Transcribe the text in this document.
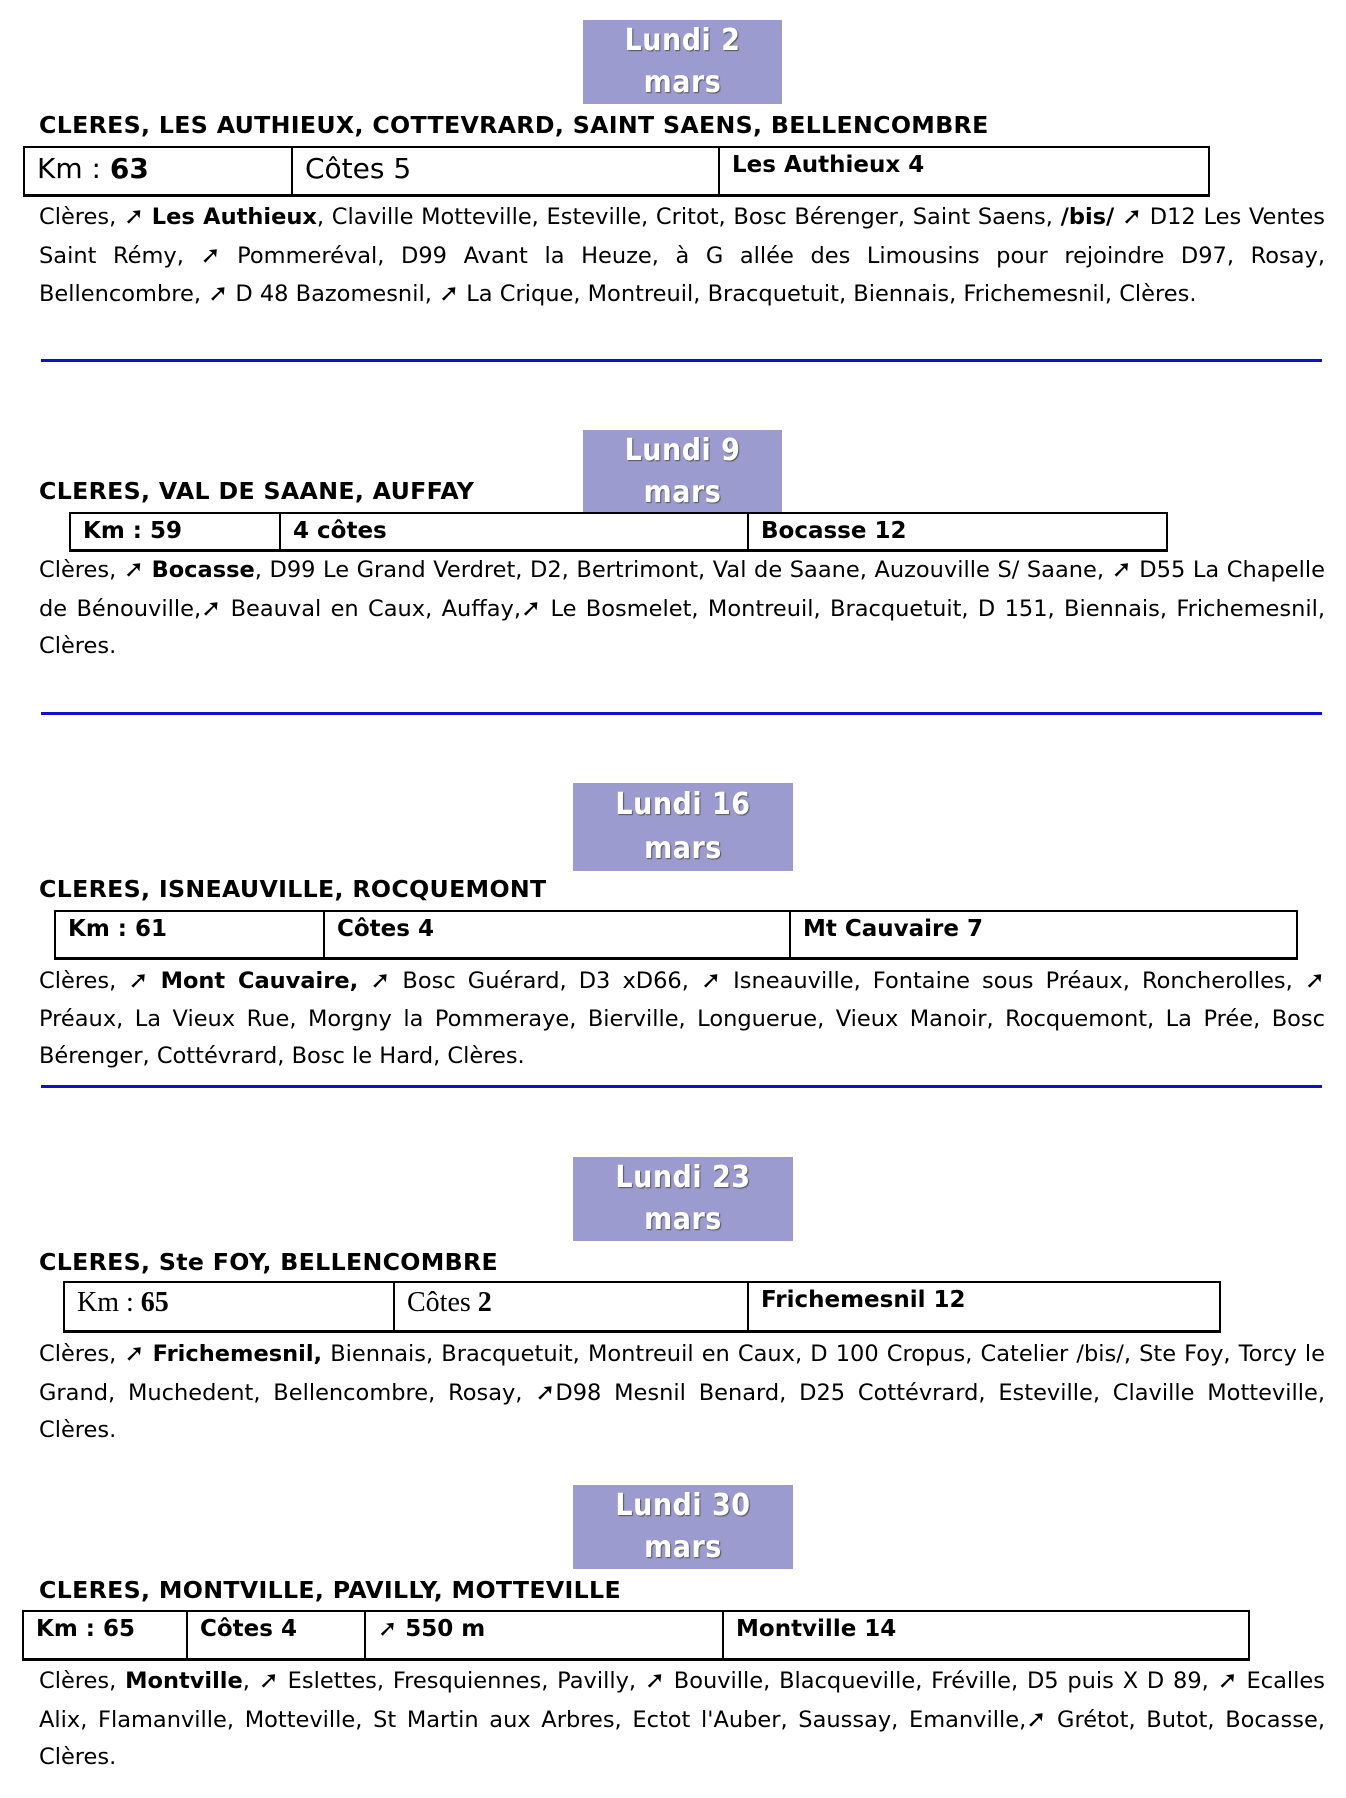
Lundi 2 mars
CLERES, LES AUTHIEUX, COTTEVRARD, SAINT SAENS, BELLENCOMBRE
Km : 63	Côtes 5	Les Authieux 4
Clères, ➚ Les Authieux, Claville Motteville, Esteville, Critot, Bosc Bérenger, Saint Saens, /bis/ ➚ D12 Les Ventes Saint Rémy, ➚ Pommeréval, D99 Avant la Heuze, à G allée des Limousins pour rejoindre D97, Rosay, Bellencombre, ➚ D 48 Bazomesnil, ➚ La Crique, Montreuil, Bracquetuit, Biennais, Frichemesnil, Clères.
Lundi 9 mars
CLERES, VAL DE SAANE, AUFFAY
Km : 59	4 côtes	Bocasse 12
Clères, ➚ Bocasse, D99 Le Grand Verdret, D2, Bertrimont, Val de Saane, Auzouville S/ Saane, ➚ D55 La Chapelle de Bénouville,➚ Beauval en Caux, Auffay,➚ Le Bosmelet, Montreuil, Bracquetuit, D 151, Biennais, Frichemesnil, Clères.
Lundi 16 mars
CLERES, ISNEAUVILLE, ROCQUEMONT
Km : 61	Côtes 4	Mt Cauvaire 7
Clères, ➚ Mont Cauvaire, ➚ Bosc Guérard, D3 xD66, ➚ Isneauville, Fontaine sous Préaux, Roncherolles, ➚ Préaux, La Vieux Rue, Morgny la Pommeraye, Bierville, Longuerue, Vieux Manoir, Rocquemont, La Prée, Bosc Bérenger, Cottévrard, Bosc le Hard, Clères.
Lundi 23 mars
CLERES, Ste FOY, BELLENCOMBRE
Km : 65	Côtes 2	Frichemesnil 12
Clères, ➚ Frichemesnil, Biennais, Bracquetuit, Montreuil en Caux, D 100 Cropus, Catelier /bis/, Ste Foy, Torcy le Grand, Muchedent, Bellencombre, Rosay, ➚D98 Mesnil Benard, D25 Cottévrard, Esteville, Claville Motteville, Clères.
Lundi 30 mars
CLERES, MONTVILLE, PAVILLY, MOTTEVILLE
Km : 65	Côtes 4	➚ 550 m	Montville 14
Clères, Montville, ➚ Eslettes, Fresquiennes, Pavilly, ➚ Bouville, Blacqueville, Fréville, D5 puis X D 89, ➚ Ecalles Alix, Flamanville, Motteville, St Martin aux Arbres, Ectot l'Auber, Saussay, Emanville,➚ Grétot, Butot, Bocasse, Clères.
